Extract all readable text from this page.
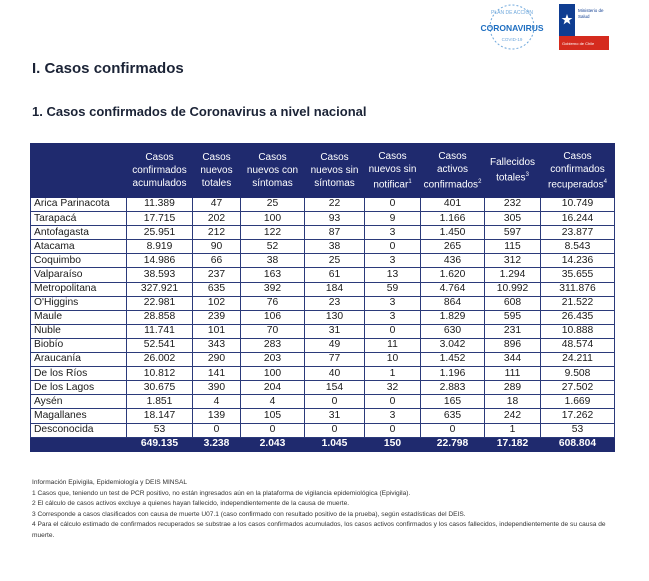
PLAN DE ACCIÓN
CORONAVIRUS
COVID-19
Ministerio de
Salud
Gobierno de Chile
I. Casos confirmados
1. Casos confirmados de Coronavirus a nivel nacional
	Casos confirmados acumulados	Casos nuevos totales	Casos nuevos con síntomas	Casos nuevos sin síntomas	Casos nuevos sin notificar$^1$	Casos activos confirmados$^2$	Fallecidos totales$^3$	Casos confirmados recuperados$^4$
Arica Parinacota	11.389	47	25	22	0	401	232	10.749
Tarapacá	17.715	202	100	93	9	1.166	305	16.244
Antofagasta	25.951	212	122	87	3	1.450	597	23.877
Atacama	8.919	90	52	38	0	265	115	8.543
Coquimbo	14.986	66	38	25	3	436	312	14.236
Valparaíso	38.593	237	163	61	13	1.620	1.294	35.655
Metropolitana	327.921	635	392	184	59	4.764	10.992	311.876
O'Higgins	22.981	102	76	23	3	864	608	21.522
Maule	28.858	239	106	130	3	1.829	595	26.435
Ñuble	11.741	101	70	31	0	630	231	10.888
Biobío	52.541	343	283	49	11	3.042	896	48.574
Araucanía	26.002	290	203	77	10	1.452	344	24.211
De los Ríos	10.812	141	100	40	1	1.196	111	9.508
De los Lagos	30.675	390	204	154	32	2.883	289	27.502
Aysén	1.851	4	4	0	0	165	18	1.669
Magallanes	18.147	139	105	31	3	635	242	17.262
Desconocida	53	0	0	0	0	0	1	53
	649.135	3.238	2.043	1.045	150	22.798	17.182	608.804

Información Epivigila, Epidemiología y DEIS MINSAL

1 Casos que, teniendo un test de PCR positivo, no están ingresados aún en la plataforma de vigilancia epidemiológica (Epivigila).

2 El cálculo de casos activos excluye a quienes hayan fallecido, independientemente de la causa de muerte.

3 Corresponde a casos clasificados con causa de muerte U07.1 (caso confirmado con resultado positivo de la prueba), según estadísticas del DEIS.

4 Para el cálculo estimado de confirmados recuperados se substrae a los casos confirmados acumulados, los casos activos confirmados y los casos fallecidos, independientemente de su causa de muerte.
